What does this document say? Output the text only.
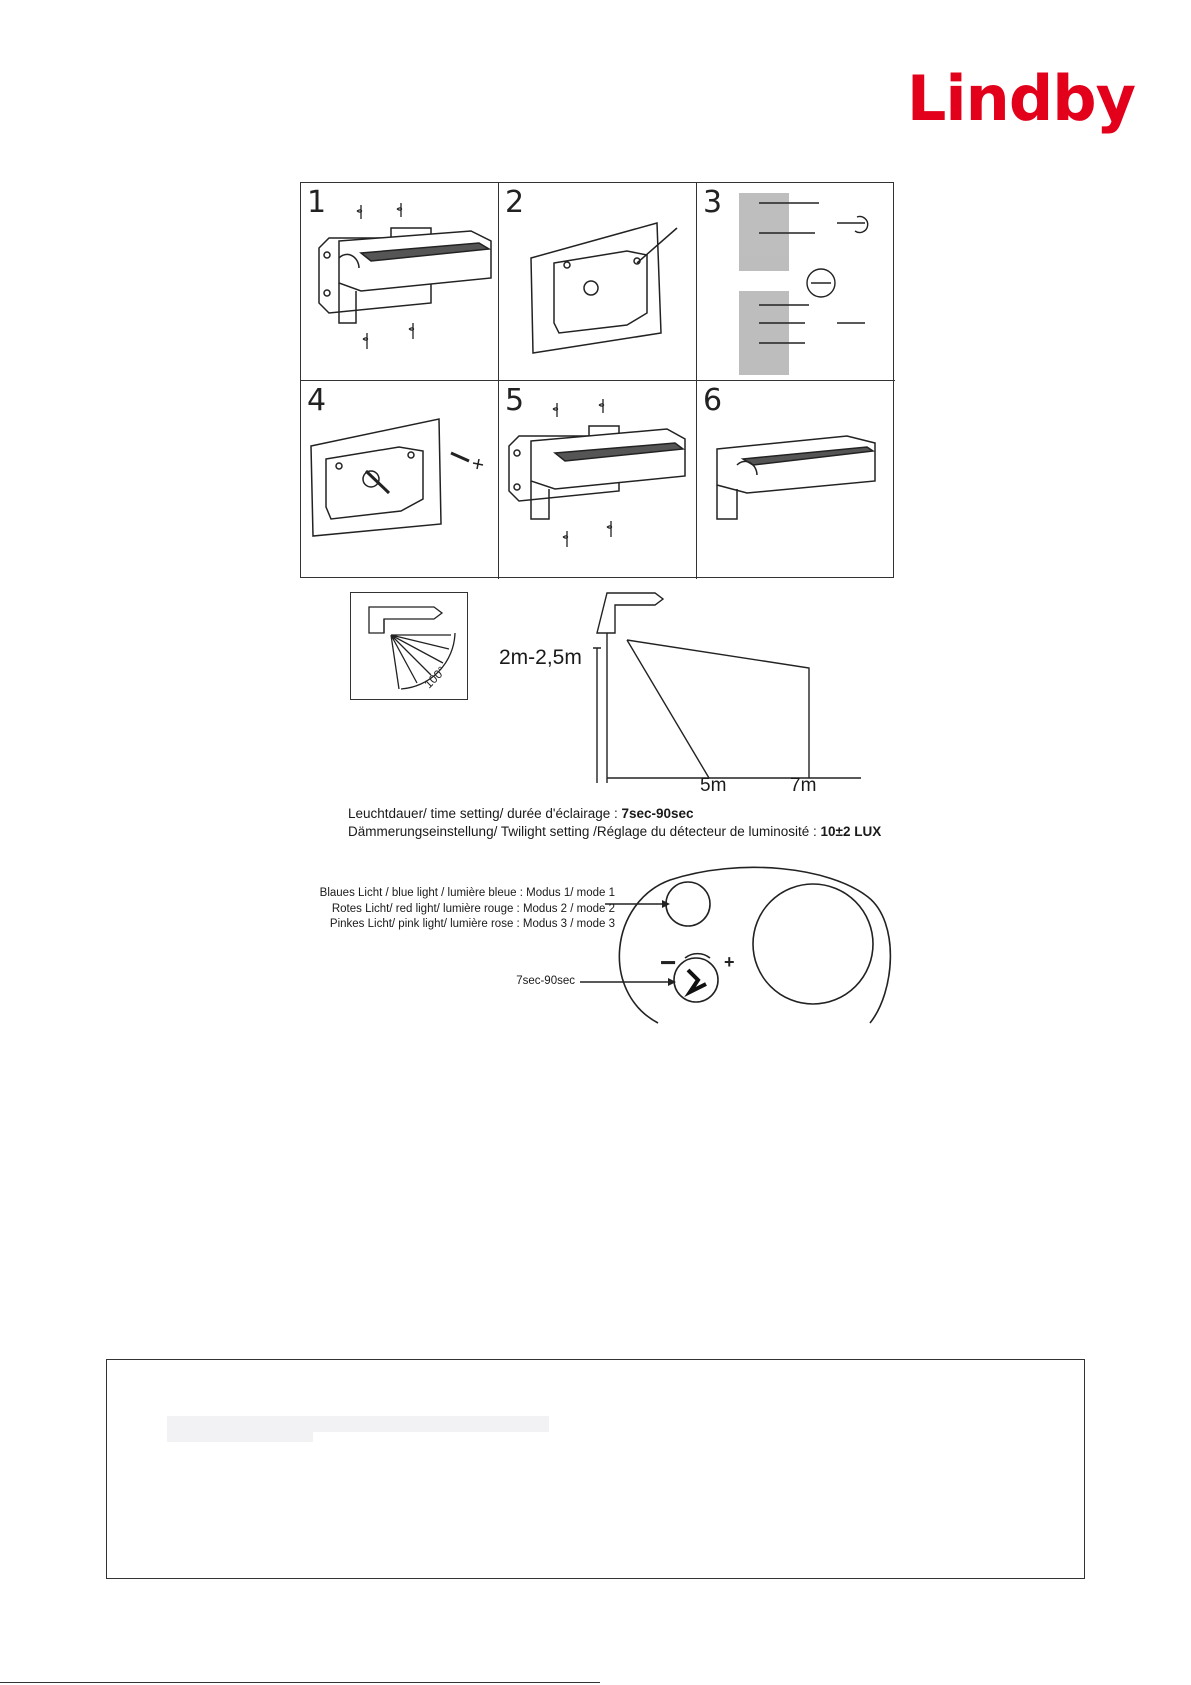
Lindby
1	2	3
4	5	6
100°
2m-2,5m
5m	7m
Leuchtdauer/ time setting/ durée d'éclairage : 7sec-90sec
Dämmerungseinstellung/ Twilight setting /Réglage du détecteur de luminosité : 10±2 LUX
Blaues Licht / blue light / lumière bleue : Modus 1/ mode 1
Rotes Licht/ red light/ lumière rouge : Modus 2 / mode 2
Pinkes Licht/ pink light/ lumière rose : Modus 3 / mode 3
7sec-90sec
−	+
